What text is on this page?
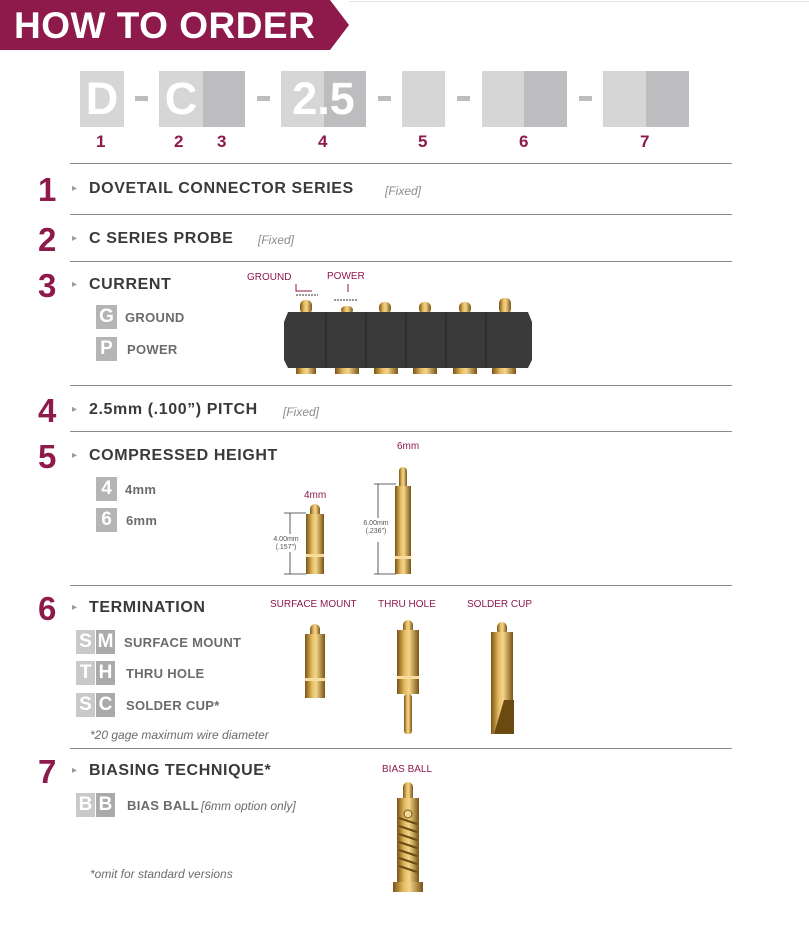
HOW TO ORDER
D C 2.5
1	2 3	4	5	6	7
1 ▸ DOVETAIL CONNECTOR SERIES	[Fixed]
2 ▸ C SERIES PROBE [Fixed]
3 ▸ CURRENT
G GROUND
P	POWER
GROUND	POWER
4 ▸ 2.5mm (.100”) PITCH [Fixed]
5 ▸ COMPRESSED HEIGHT
4	4mm
6	6mm
4mm
6mm
4.00mm
(.157")
6.00mm
(.236")
6 ▸ TERMINATION
S M SURFACE MOUNT
T H THRU HOLE
S C SOLDER CUP*
*20 gage maximum wire diameter
SURFACE MOUNT THRU HOLE	SOLDER CUP
7 ▸ BIASING TECHNIQUE*
B B BIAS BALL [6mm option only]
*omit for standard versions
BIAS BALL
